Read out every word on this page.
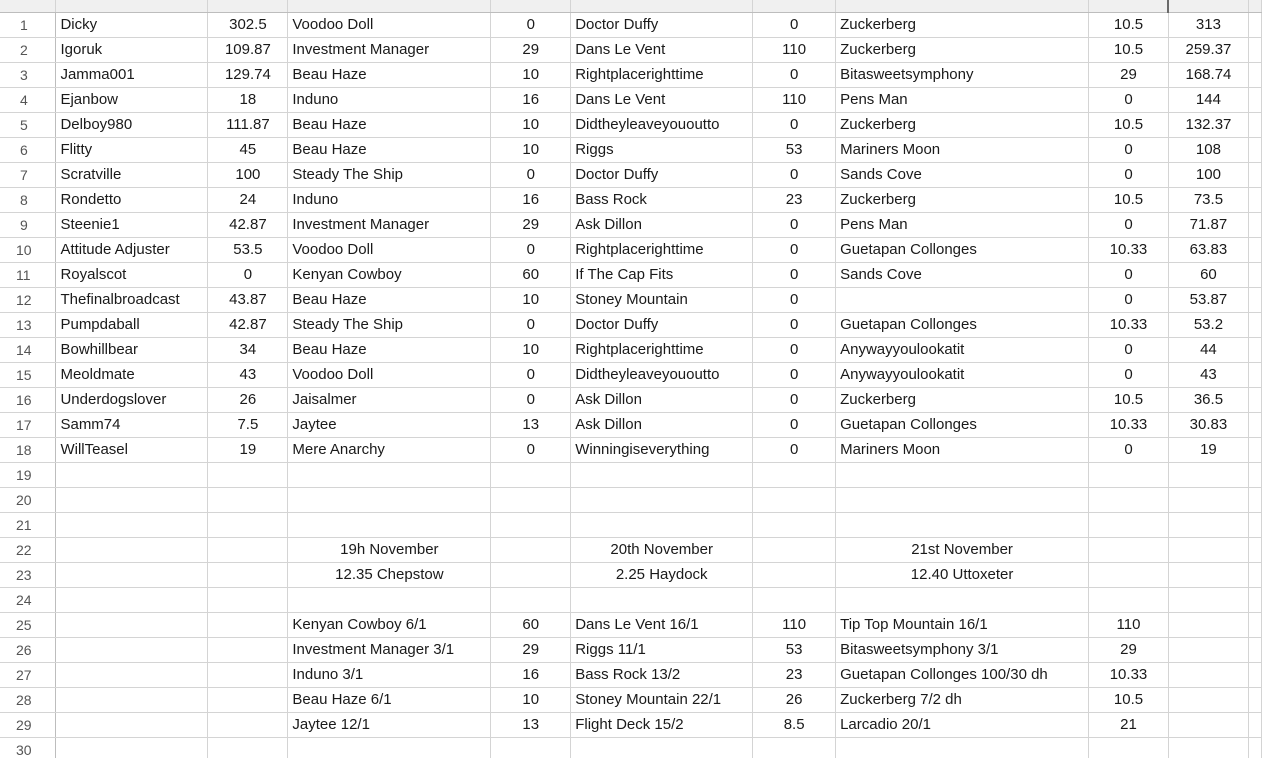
1	Dicky	302.5	Voodoo Doll	0	Doctor Duffy	0	Zuckerberg	10.5	313	
2	Igoruk	109.87	Investment Manager	29	Dans Le Vent	110	Zuckerberg	10.5	259.37	
3	Jamma001	129.74	Beau Haze	10	Rightplacerighttime	0	Bitasweetsymphony	29	168.74	
4	Ejanbow	18	Induno	16	Dans Le Vent	110	Pens Man	0	144	
5	Delboy980	111.87	Beau Haze	10	Didtheyleaveyououtto	0	Zuckerberg	10.5	132.37	
6	Flitty	45	Beau Haze	10	Riggs	53	Mariners Moon	0	108	
7	Scratville	100	Steady The Ship	0	Doctor Duffy	0	Sands Cove	0	100	
8	Rondetto	24	Induno	16	Bass Rock	23	Zuckerberg	10.5	73.5	
9	Steenie1	42.87	Investment Manager	29	Ask Dillon	0	Pens Man	0	71.87	
10	Attitude Adjuster	53.5	Voodoo Doll	0	Rightplacerighttime	0	Guetapan Collonges	10.33	63.83	
11	Royalscot	0	Kenyan Cowboy	60	If The Cap Fits	0	Sands Cove	0	60	
12	Thefinalbroadcast	43.87	Beau Haze	10	Stoney Mountain	0		0	53.87	
13	Pumpdaball	42.87	Steady The Ship	0	Doctor Duffy	0	Guetapan Collonges	10.33	53.2	
14	Bowhillbear	34	Beau Haze	10	Rightplacerighttime	0	Anywayyoulookatit	0	44	
15	Meoldmate	43	Voodoo Doll	0	Didtheyleaveyououtto	0	Anywayyoulookatit	0	43	
16	Underdogslover	26	Jaisalmer	0	Ask Dillon	0	Zuckerberg	10.5	36.5	
17	Samm74	7.5	Jaytee	13	Ask Dillon	0	Guetapan Collonges	10.33	30.83	
18	WillTeasel	19	Mere Anarchy	0	Winningiseverything	0	Mariners Moon	0	19	
19										
20										
21										
22			19h November		20th November		21st November			
23			12.35 Chepstow		2.25 Haydock		12.40 Uttoxeter			
24										
25			Kenyan Cowboy 6/1	60	Dans Le Vent 16/1	110	Tip Top Mountain 16/1	110		
26			Investment Manager 3/1	29	Riggs 11/1	53	Bitasweetsymphony 3/1	29		
27			Induno 3/1	16	Bass Rock 13/2	23	Guetapan Collonges 100/30 dh	10.33		
28			Beau Haze 6/1	10	Stoney Mountain 22/1	26	Zuckerberg 7/2 dh	10.5		
29			Jaytee 12/1	13	Flight Deck 15/2	8.5	Larcadio 20/1	21		
30										
